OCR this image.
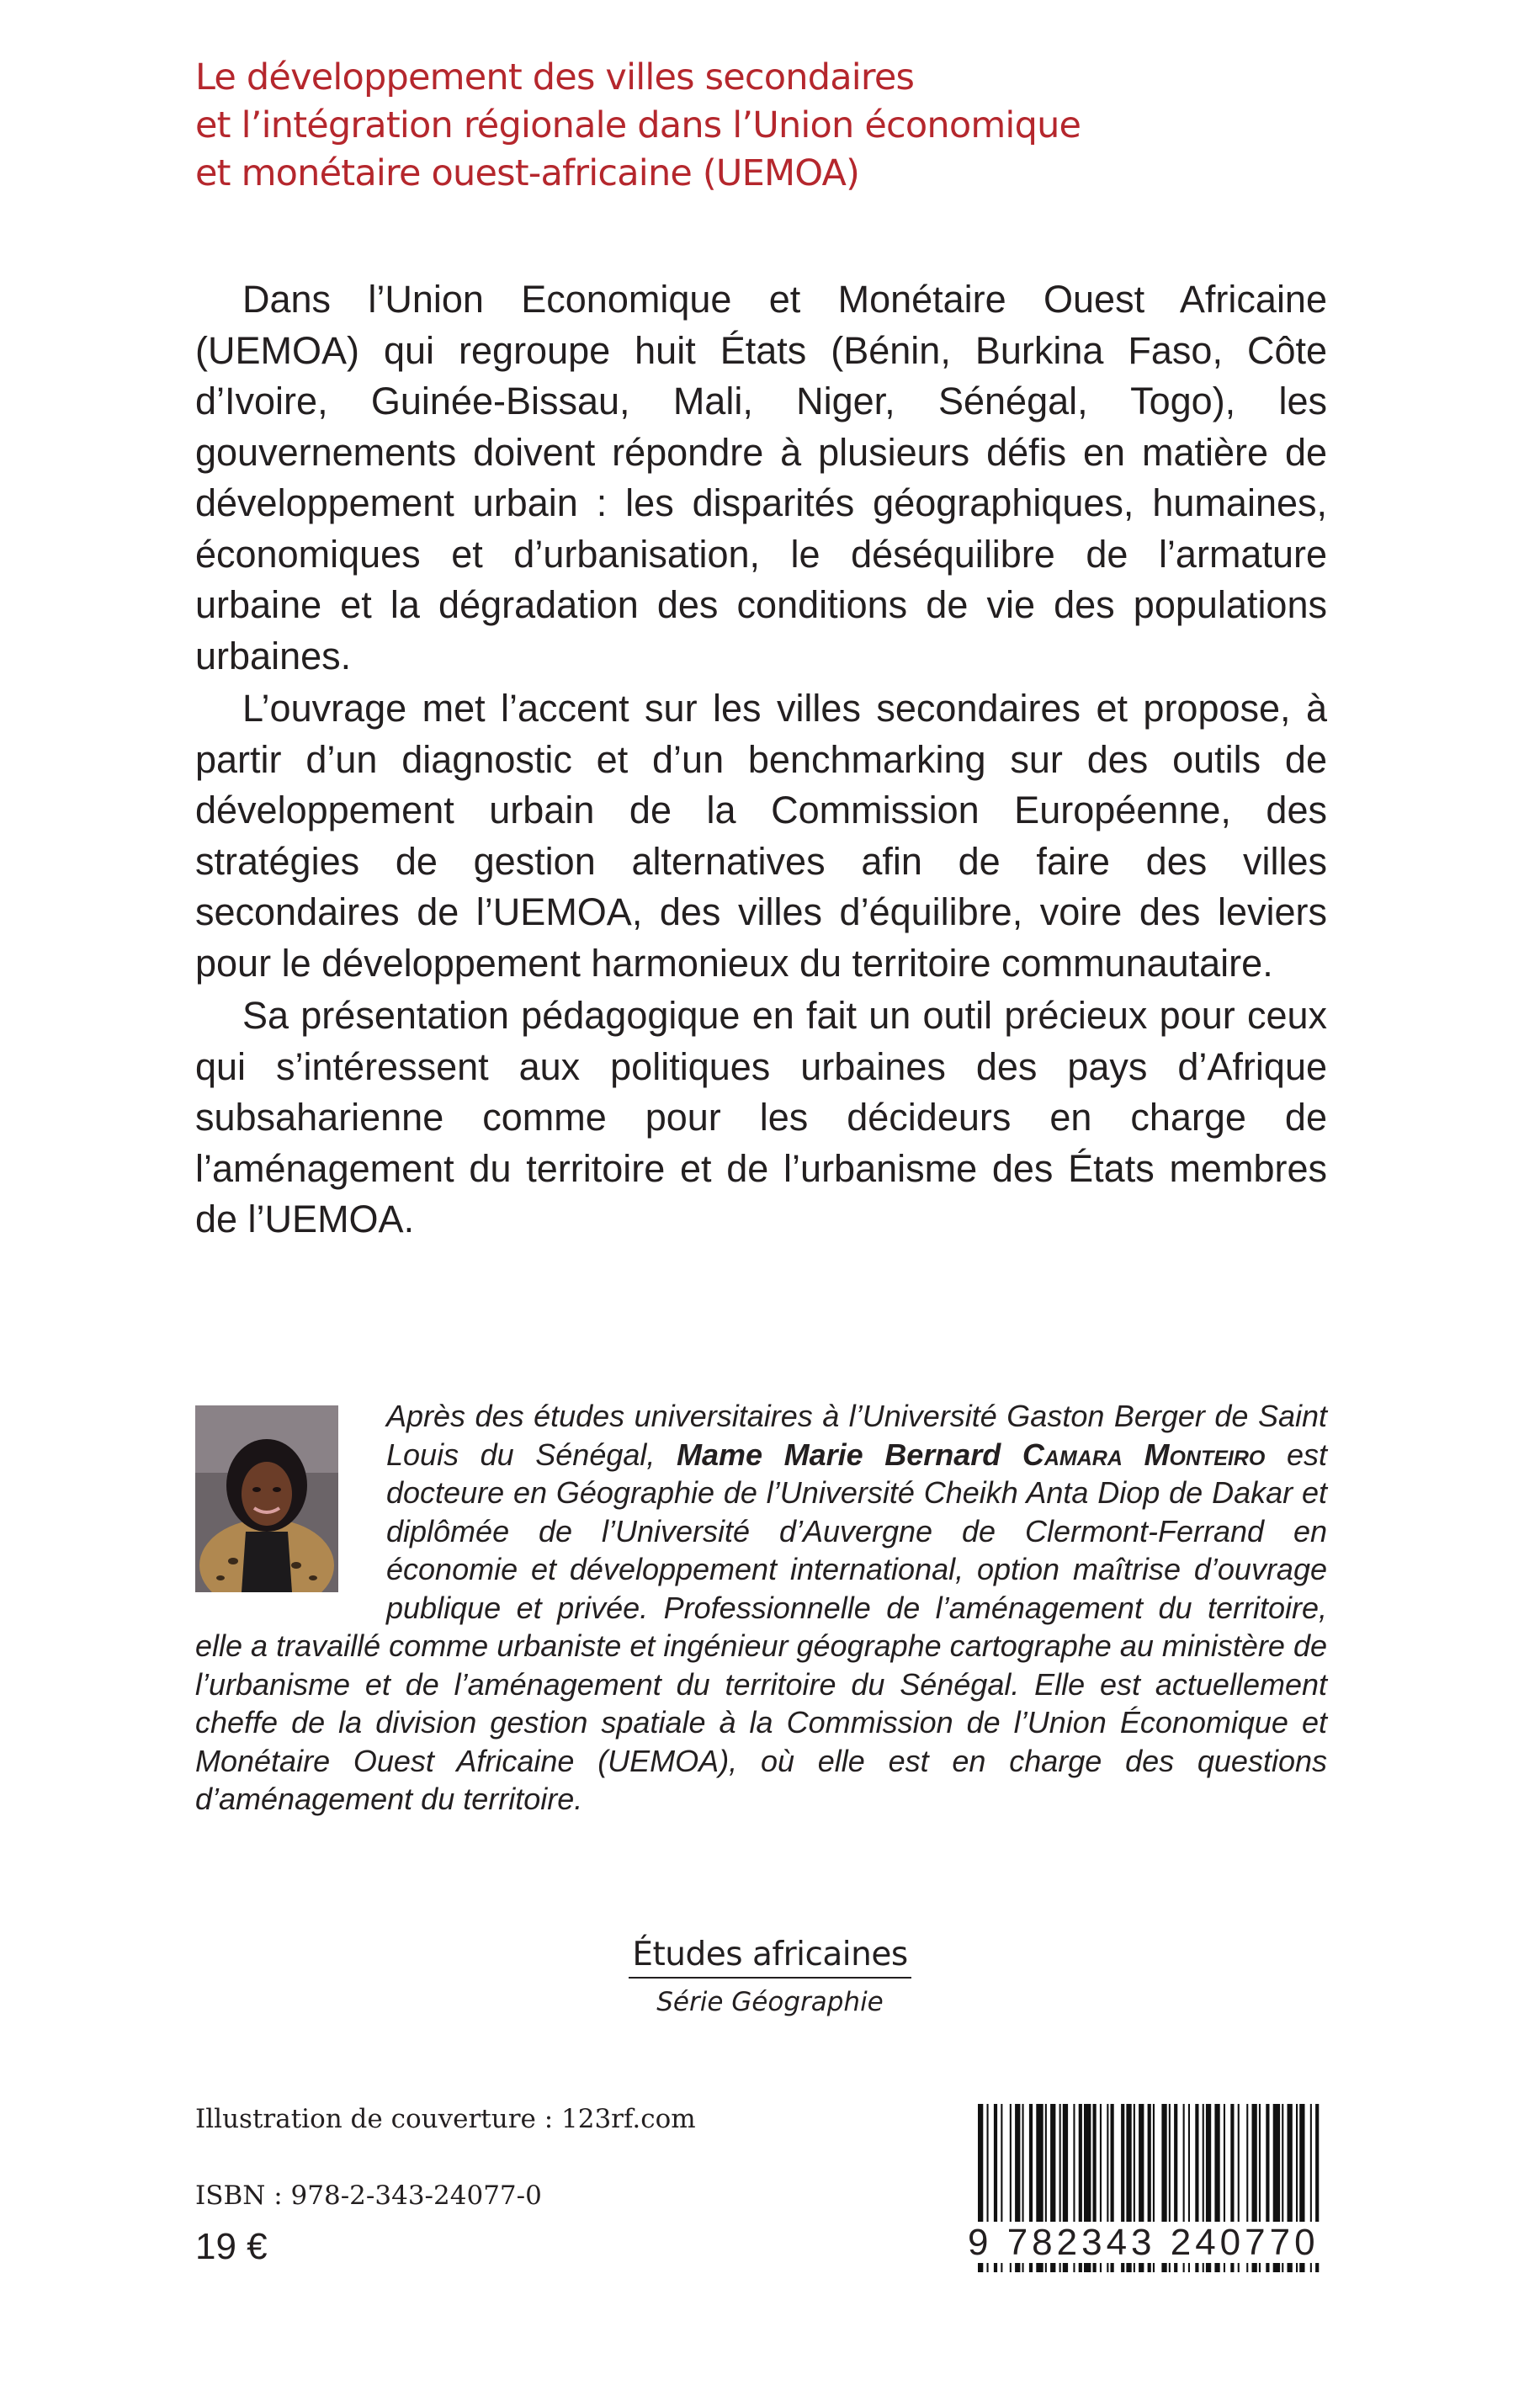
Le développement des villes secondaires
et l’intégration régionale dans l’Union économique
et monétaire ouest-africaine (UEMOA)

Dans l’Union Economique et Monétaire Ouest Africaine (UEMOA) qui regroupe huit États (Bénin, Burkina Faso, Côte d’Ivoire, Guinée-Bissau, Mali, Niger, Sénégal, Togo), les gouvernements doivent répondre à plusieurs défis en matière de développement urbain : les disparités géographiques, humaines, économiques et d’urbanisation, le déséquilibre de l’armature urbaine et la dégradation des conditions de vie des populations urbaines.

L’ouvrage met l’accent sur les villes secondaires et propose, à partir d’un diagnostic et d’un benchmarking sur des outils de développement urbain de la Commission Européenne, des stratégies de gestion alternatives afin de faire des villes secondaires de l’UEMOA, des villes d’équilibre, voire des leviers pour le développement harmonieux du territoire communautaire.

Sa présentation pédagogique en fait un outil précieux pour ceux qui s’intéressent aux politiques urbaines des pays d’Afrique subsaharienne comme pour les décideurs en charge de l’aménagement du territoire et de l’urbanisme des États membres de l’UEMOA.

Après des études universitaires à l’Université Gaston Berger de Saint Louis du Sénégal, Mame Marie Bernard Camara Monteiro est docteure en Géographie de l’Université Cheikh Anta Diop de Dakar et diplômée de l’Université d’Auvergne de Clermont-Ferrand en économie et développement international, option maîtrise d’ouvrage publique et privée. Professionnelle de l’aménagement du territoire, elle a travaillé comme urbaniste et ingénieur géographe cartographe au ministère de l’urbanisme et de l’aménagement du territoire du Sénégal. Elle est actuellement cheffe de la division gestion spatiale à la Commission de l’Union Économique et Monétaire Ouest Africaine (UEMOA), où elle est en charge des questions d’aménagement du territoire.
Études africaines
Série Géographie
Illustration de couverture : 123rf.com
ISBN : 978-2-343-24077-0
19 €	9 782343 240770
